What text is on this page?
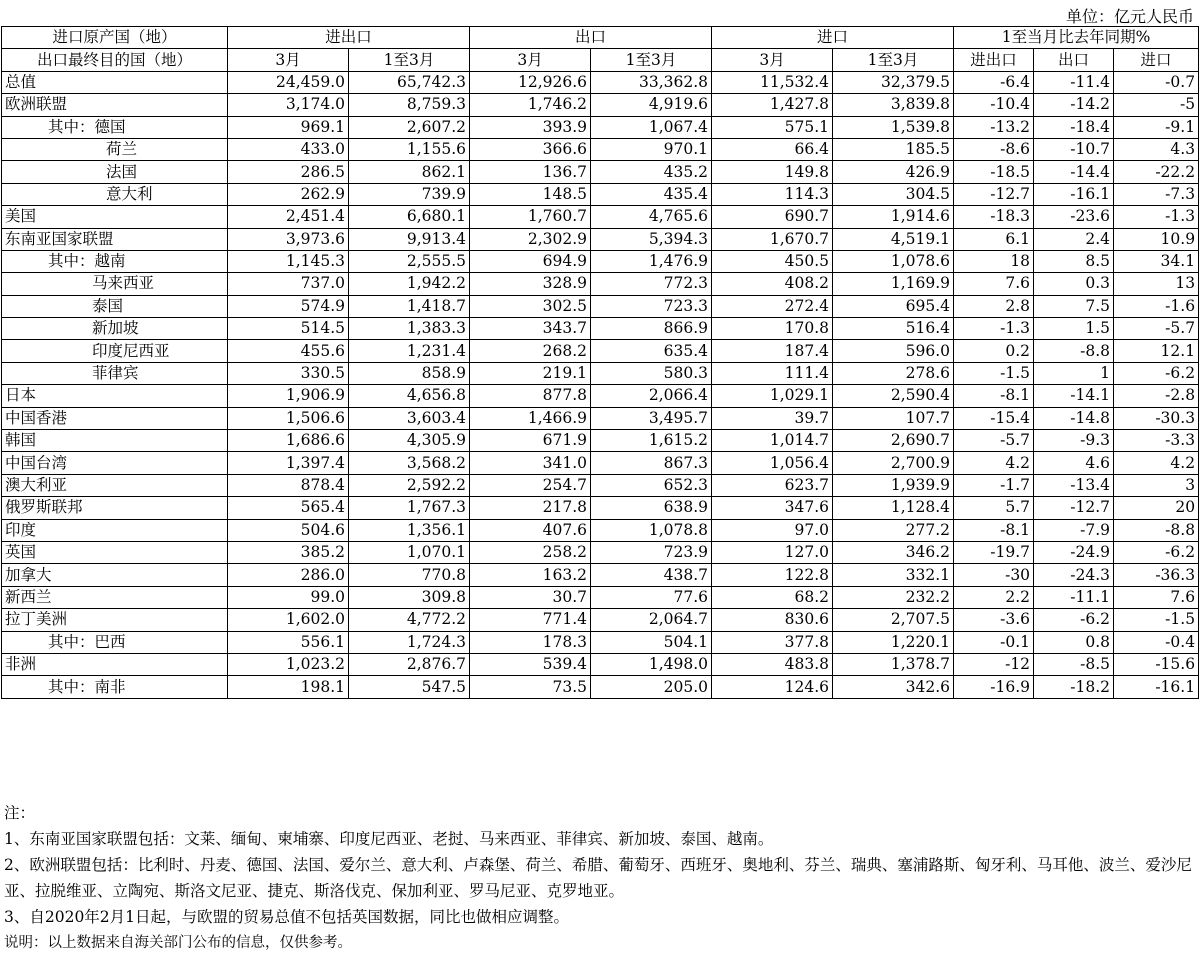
单位：亿元人民币
进口原产国（地）	进出口		出口		进口		1至当月比去年同期%		
出口最终目的国（地）	3月	1至3月	3月	1至3月	3月	1至3月	进出口	出口	进口
总值	24,459.0	65,742.3	12,926.6	33,362.8	11,532.4	32,379.5	-6.4	-11.4	-0.7
欧洲联盟	3,174.0	8,759.3	1,746.2	4,919.6	1,427.8	3,839.8	-10.4	-14.2	-5
其中：德国	969.1	2,607.2	393.9	1,067.4	575.1	1,539.8	-13.2	-18.4	-9.1
荷兰	433.0	1,155.6	366.6	970.1	66.4	185.5	-8.6	-10.7	4.3
法国	286.5	862.1	136.7	435.2	149.8	426.9	-18.5	-14.4	-22.2
意大利	262.9	739.9	148.5	435.4	114.3	304.5	-12.7	-16.1	-7.3
美国	2,451.4	6,680.1	1,760.7	4,765.6	690.7	1,914.6	-18.3	-23.6	-1.3
东南亚国家联盟	3,973.6	9,913.4	2,302.9	5,394.3	1,670.7	4,519.1	6.1	2.4	10.9
其中：越南	1,145.3	2,555.5	694.9	1,476.9	450.5	1,078.6	18	8.5	34.1
马来西亚	737.0	1,942.2	328.9	772.3	408.2	1,169.9	7.6	0.3	13
泰国	574.9	1,418.7	302.5	723.3	272.4	695.4	2.8	7.5	-1.6
新加坡	514.5	1,383.3	343.7	866.9	170.8	516.4	-1.3	1.5	-5.7
印度尼西亚	455.6	1,231.4	268.2	635.4	187.4	596.0	0.2	-8.8	12.1
菲律宾	330.5	858.9	219.1	580.3	111.4	278.6	-1.5	1	-6.2
日本	1,906.9	4,656.8	877.8	2,066.4	1,029.1	2,590.4	-8.1	-14.1	-2.8
中国香港	1,506.6	3,603.4	1,466.9	3,495.7	39.7	107.7	-15.4	-14.8	-30.3
韩国	1,686.6	4,305.9	671.9	1,615.2	1,014.7	2,690.7	-5.7	-9.3	-3.3
中国台湾	1,397.4	3,568.2	341.0	867.3	1,056.4	2,700.9	4.2	4.6	4.2
澳大利亚	878.4	2,592.2	254.7	652.3	623.7	1,939.9	-1.7	-13.4	3
俄罗斯联邦	565.4	1,767.3	217.8	638.9	347.6	1,128.4	5.7	-12.7	20
印度	504.6	1,356.1	407.6	1,078.8	97.0	277.2	-8.1	-7.9	-8.8
英国	385.2	1,070.1	258.2	723.9	127.0	346.2	-19.7	-24.9	-6.2
加拿大	286.0	770.8	163.2	438.7	122.8	332.1	-30	-24.3	-36.3
新西兰	99.0	309.8	30.7	77.6	68.2	232.2	2.2	-11.1	7.6
拉丁美洲	1,602.0	4,772.2	771.4	2,064.7	830.6	2,707.5	-3.6	-6.2	-1.5
其中：巴西	556.1	1,724.3	178.3	504.1	377.8	1,220.1	-0.1	0.8	-0.4
非洲	1,023.2	2,876.7	539.4	1,498.0	483.8	1,378.7	-12	-8.5	-15.6
其中：南非	198.1	547.5	73.5	205.0	124.6	342.6	-16.9	-18.2	-16.1
注：
1、东南亚国家联盟包括：文莱、缅甸、柬埔寨、印度尼西亚、老挝、马来西亚、菲律宾、新加坡、泰国、越南。
2、欧洲联盟包括：比利时、丹麦、德国、法国、爱尔兰、意大利、卢森堡、荷兰、希腊、葡萄牙、西班牙、奥地利、芬兰、瑞典、塞浦路斯、匈牙利、马耳他、波兰、爱沙尼亚、拉脱维亚、立陶宛、斯洛文尼亚、捷克、斯洛伐克、保加利亚、罗马尼亚、克罗地亚。
3、自2020年2月1日起，与欧盟的贸易总值不包括英国数据，同比也做相应调整。
说明：以上数据来自海关部门公布的信息，仅供参考。
